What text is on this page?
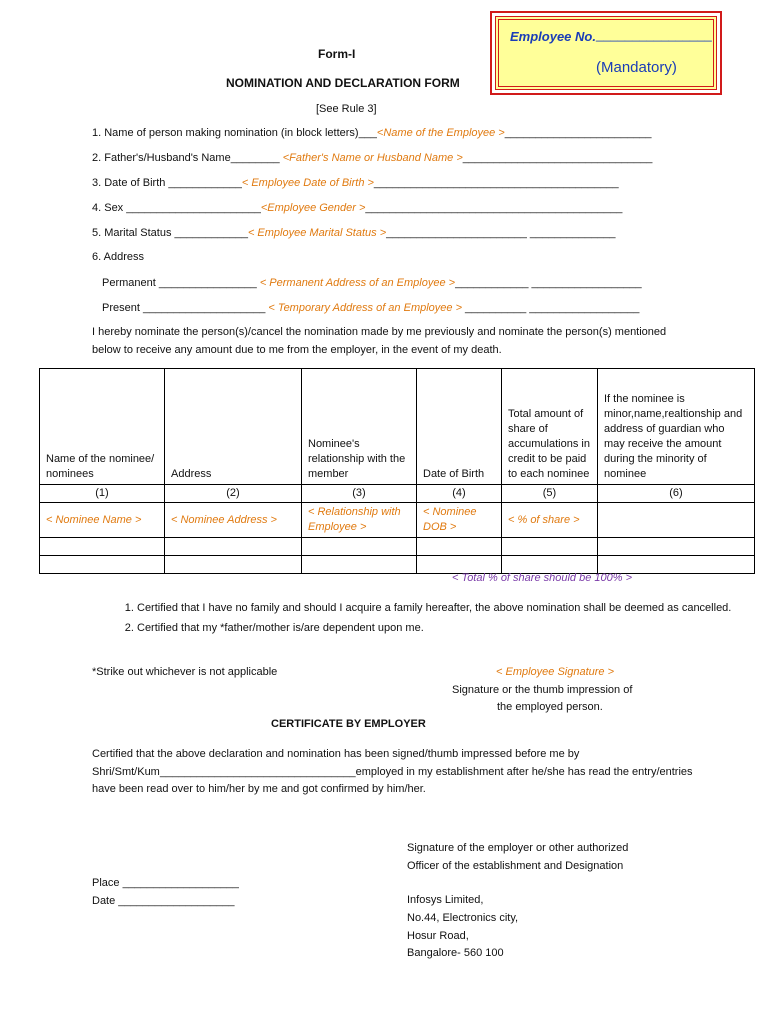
Employee No. ________________
(Mandatory)
Form-I
NOMINATION AND DECLARATION FORM
[See Rule 3]
1. Name of person making nomination (in block letters)___<Name of the Employee >________________________
2. Father's/Husband's Name________ <Father's Name or Husband Name >_______________________________
3. Date of Birth ____________< Employee Date of Birth >________________________________________
4. Sex ______________________<Employee Gender >__________________________________________
5. Marital Status ____________< Employee Marital Status >_______________________ ______________
6. Address
Permanent ________________ < Permanent Address of an Employee >____________ __________________
Present ____________________ < Temporary Address of an Employee > __________ __________________
I hereby nominate the person(s)/cancel the nomination made by me previously and nominate the person(s) mentioned
below to receive any amount due to me from the employer, in the event of my death.
Name of the nominee/ nominees	Address	Nominee's relationship with the member	Date of Birth	Total amount of share of accumulations in credit to be paid to each nominee	If the nominee is minor,name,realtionship and address of guardian who may receive the amount during the minority of nominee
(1)	(2)	(3)	(4)	(5)	(6)
< Nominee Name >	< Nominee Address >	< Relationship with Employee >	< Nominee DOB >	< % of share >	

< Total % of share should be 100% >
1. Certified that I have no family and should I acquire a family hereafter, the above nomination shall be deemed as cancelled.
2. Certified that my *father/mother is/are dependent upon me.
*Strike out whichever is not applicable	< Employee Signature >
Signature or the thumb impression of
the employed person.
CERTIFICATE BY EMPLOYER
Certified that the above declaration and nomination has been signed/thumb impressed before me by
Shri/Smt/Kum________________________________employed in my establishment after he/she has read the entry/entries
have been read over to him/her by me and got confirmed by him/her.
Signature of the employer or other authorized
Officer of the establishment and Designation
Place ___________________
Date ___________________	Infosys Limited,
No.44, Electronics city,
Hosur Road,
Bangalore- 560 100
